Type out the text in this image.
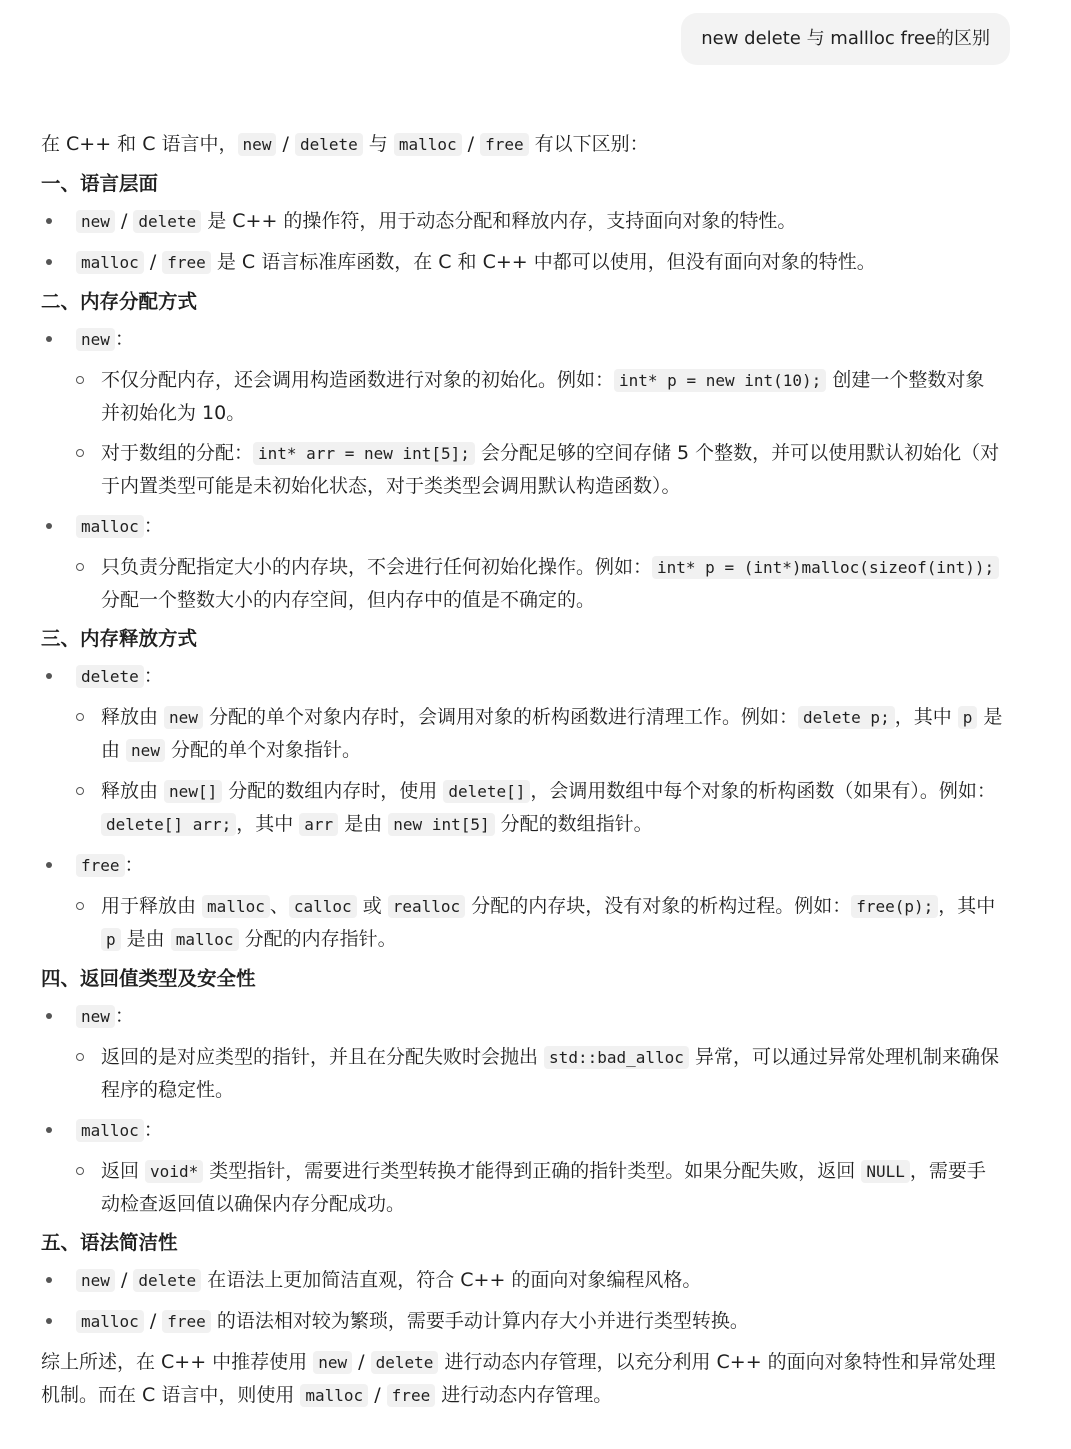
new delete 与 mallloc free的区别
在 C++ 和 C 语言中， new / delete 与 malloc / free 有以下区别：
一、语言层面
new / delete 是 C++ 的操作符，用于动态分配和释放内存，支持面向对象的特性。
malloc / free 是 C 语言标准库函数，在 C 和 C++ 中都可以使用，但没有面向对象的特性。
二、内存分配方式
new ：
不仅分配内存，还会调用构造函数进行对象的初始化。例如： int* p = new int(10); 创建一个整数对象并初始化为 10。
对于数组的分配： int* arr = new int[5]; 会分配足够的空间存储 5 个整数，并可以使用默认初始化（对于内置类型可能是未初始化状态，对于类类型会调用默认构造函数）。
malloc ：
只负责分配指定大小的内存块，不会进行任何初始化操作。例如： int* p = (int*)malloc(sizeof(int)); 分配一个整数大小的内存空间，但内存中的值是不确定的。
三、内存释放方式
delete ：
释放由 new 分配的单个对象内存时，会调用对象的析构函数进行清理工作。例如： delete p; ，其中 p 是由 new 分配的单个对象指针。
释放由 new[] 分配的数组内存时，使用 delete[] ，会调用数组中每个对象的析构函数（如果有）。例如：delete[] arr; ，其中 arr 是由 new int[5] 分配的数组指针。
free ：
用于释放由 malloc 、 calloc 或 realloc 分配的内存块，没有对象的析构过程。例如： free(p); ，其中 p 是由 malloc 分配的内存指针。
四、返回值类型及安全性
new ：
返回的是对应类型的指针，并且在分配失败时会抛出 std::bad_alloc 异常，可以通过异常处理机制来确保程序的稳定性。
malloc ：
返回 void* 类型指针，需要进行类型转换才能得到正确的指针类型。如果分配失败，返回 NULL ，需要手动检查返回值以确保内存分配成功。
五、语法简洁性
new / delete 在语法上更加简洁直观，符合 C++ 的面向对象编程风格。
malloc / free 的语法相对较为繁琐，需要手动计算内存大小并进行类型转换。
综上所述，在 C++ 中推荐使用 new / delete 进行动态内存管理，以充分利用 C++ 的面向对象特性和异常处理机制。而在 C 语言中，则使用 malloc / free 进行动态内存管理。
